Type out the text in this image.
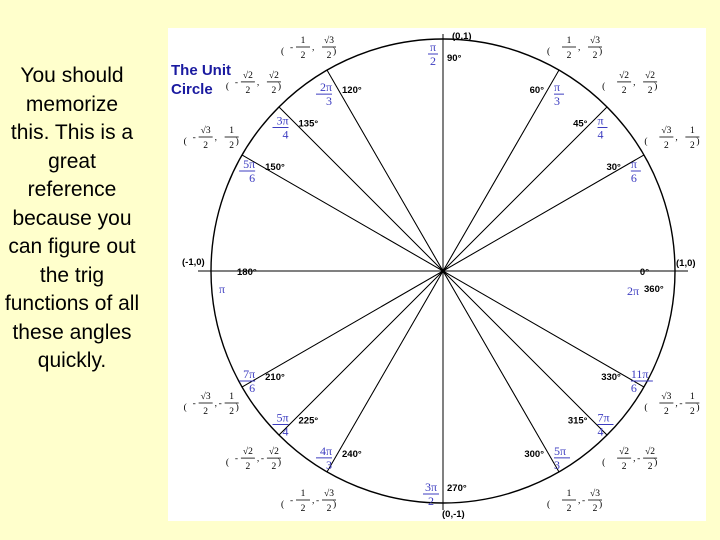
You should memorize this. This is a great reference because you can figure out the trig functions of all these angles quickly.
0°
2π
30° π
6
45° π
4
60° π
3
90°
π
2
120°
2π
3
135°
3π
4
150°
5π
6
180°
π
210°
7π
6
225°
5π
4
240°
4π
3
270°
3π
2
300° 5π
3
315° 7π
4
330° 11π
6
(	)
√3
2
,
1
2
(	)
√2
2
,
√2
2
(	)
1
2
,
√3
2
(	)
-
1
2
,
√3
2
(	)
-
√2
2
,
√2
2
(	)
-
√3
2
,
1
2
(	)
-
√3
2
, -
1
2
(	)
-
√2
2
, -
√2
2
(	)
-
1
2
, -
√3
2	(	)
1
2
, -
√3
2
(	)
√2
2
, -
√2
2
(	)
√3
2
, -
1
2
The Unit
Circle
(0,1)
(1,0)
(-1,0)
(0,-1)
360°
